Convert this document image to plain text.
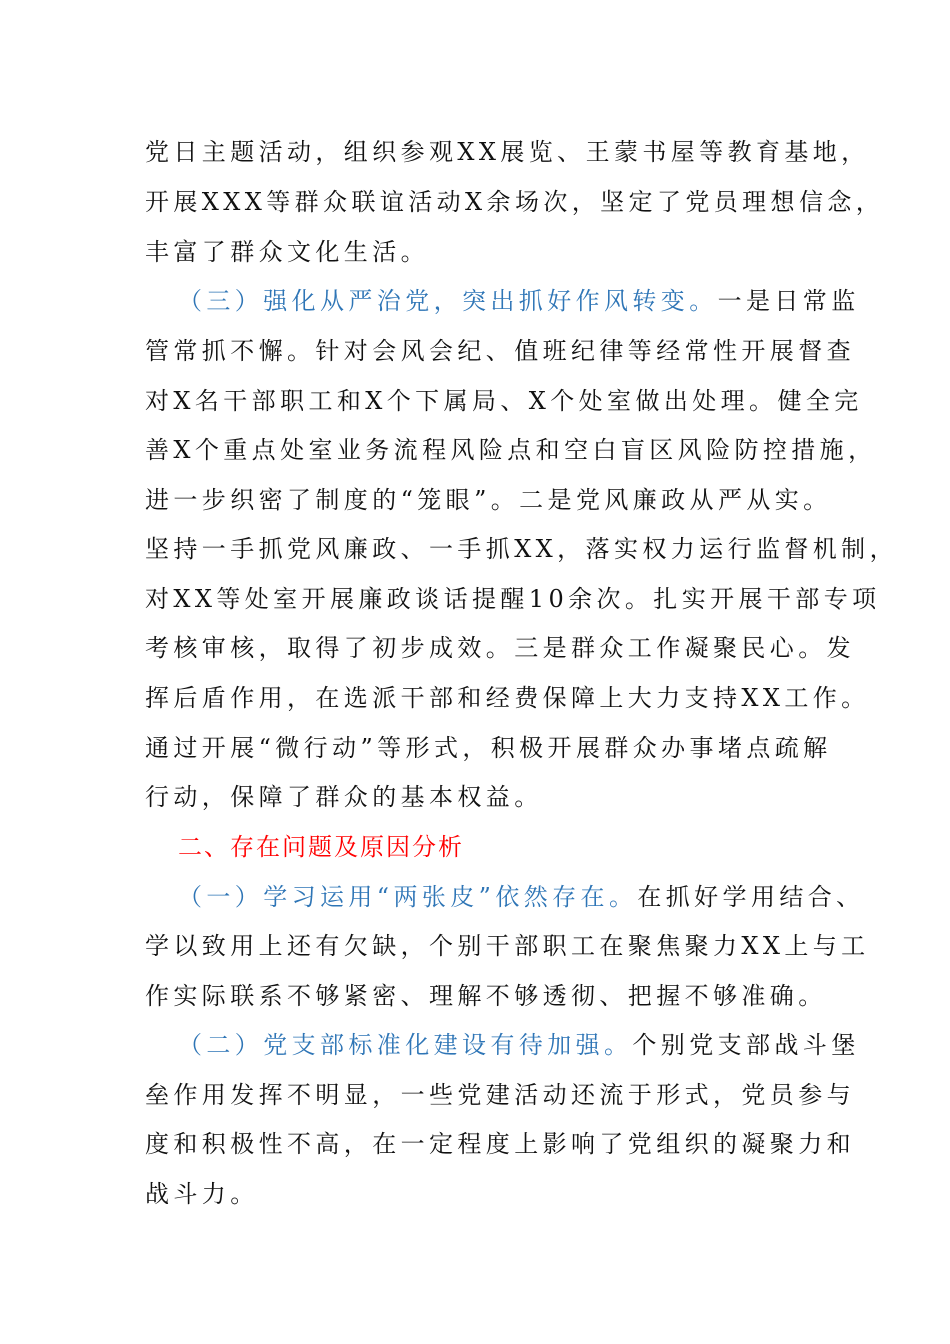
党日主题活动，组织参观XX展览、王蒙书屋等教育基地，
开展XXX等群众联谊活动X余场次，坚定了党员理想信念，
丰富了群众文化生活。
（三）强化从严治党，突出抓好作风转变。一是日常监
管常抓不懈。针对会风会纪、值班纪律等经常性开展督查
对X名干部职工和X个下属局、X个处室做出处理。健全完
善X个重点处室业务流程风险点和空白盲区风险防控措施，
进一步织密了制度的“笼眼”。二是党风廉政从严从实。
坚持一手抓党风廉政、一手抓XX，落实权力运行监督机制，
对XX等处室开展廉政谈话提醒10余次。扎实开展干部专项
考核审核，取得了初步成效。三是群众工作凝聚民心。发
挥后盾作用，在选派干部和经费保障上大力支持XX工作。
通过开展“微行动”等形式，积极开展群众办事堵点疏解
行动，保障了群众的基本权益。
二、存在问题及原因分析
（一）学习运用“两张皮”依然存在。在抓好学用结合、
学以致用上还有欠缺，个别干部职工在聚焦聚力XX上与工
作实际联系不够紧密、理解不够透彻、把握不够准确。
（二）党支部标准化建设有待加强。个别党支部战斗堡
垒作用发挥不明显，一些党建活动还流于形式，党员参与
度和积极性不高，在一定程度上影响了党组织的凝聚力和
战斗力。
